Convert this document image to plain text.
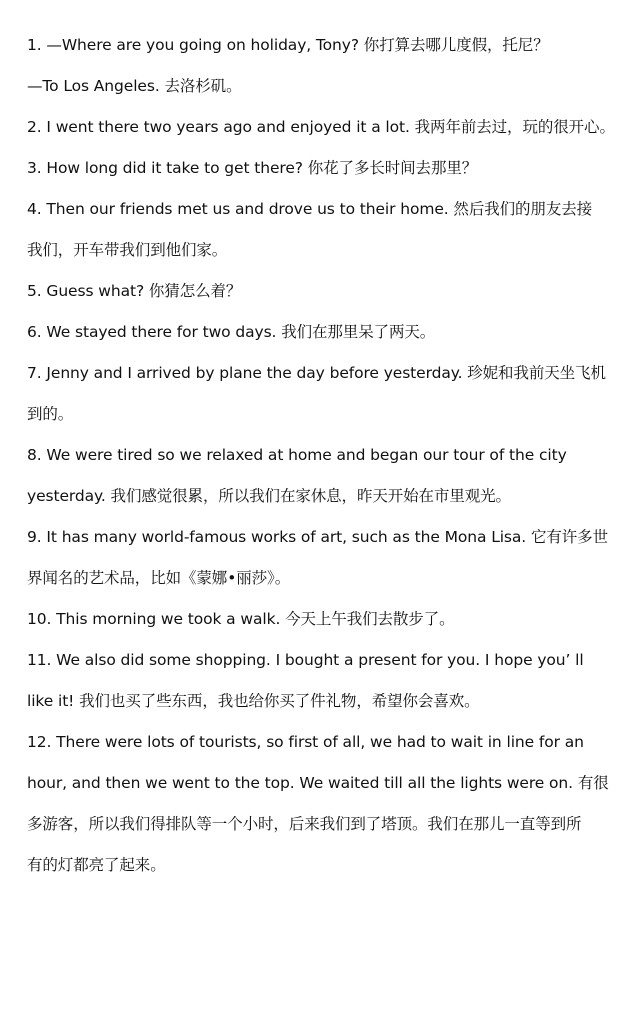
1. —Where are you going on holiday, Tony? 你打算去哪儿度假，托尼？
—To Los Angeles. 去洛杉矶。
2. I went there two years ago and enjoyed it a lot. 我两年前去过，玩的很开心。
3. How long did it take to get there? 你花了多长时间去那里？
4. Then our friends met us and drove us to their home. 然后我们的朋友去接
我们，开车带我们到他们家。
5. Guess what? 你猜怎么着？
6. We stayed there for two days. 我们在那里呆了两天。
7. Jenny and I arrived by plane the day before yesterday. 珍妮和我前天坐飞机
到的。
8. We were tired so we relaxed at home and began our tour of the city
yesterday. 我们感觉很累，所以我们在家休息，昨天开始在市里观光。
9. It has many world-famous works of art, such as the Mona Lisa. 它有许多世
界闻名的艺术品，比如《蒙娜•丽莎》。
10. This morning we took a walk. 今天上午我们去散步了。
11. We also did some shopping. I bought a present for you. I hope you’ ll
like it! 我们也买了些东西，我也给你买了件礼物，希望你会喜欢。
12. There were lots of tourists, so first of all, we had to wait in line for an
hour, and then we went to the top. We waited till all the lights were on. 有很
多游客，所以我们得排队等一个小时，后来我们到了塔顶。我们在那儿一直等到所
有的灯都亮了起来。
